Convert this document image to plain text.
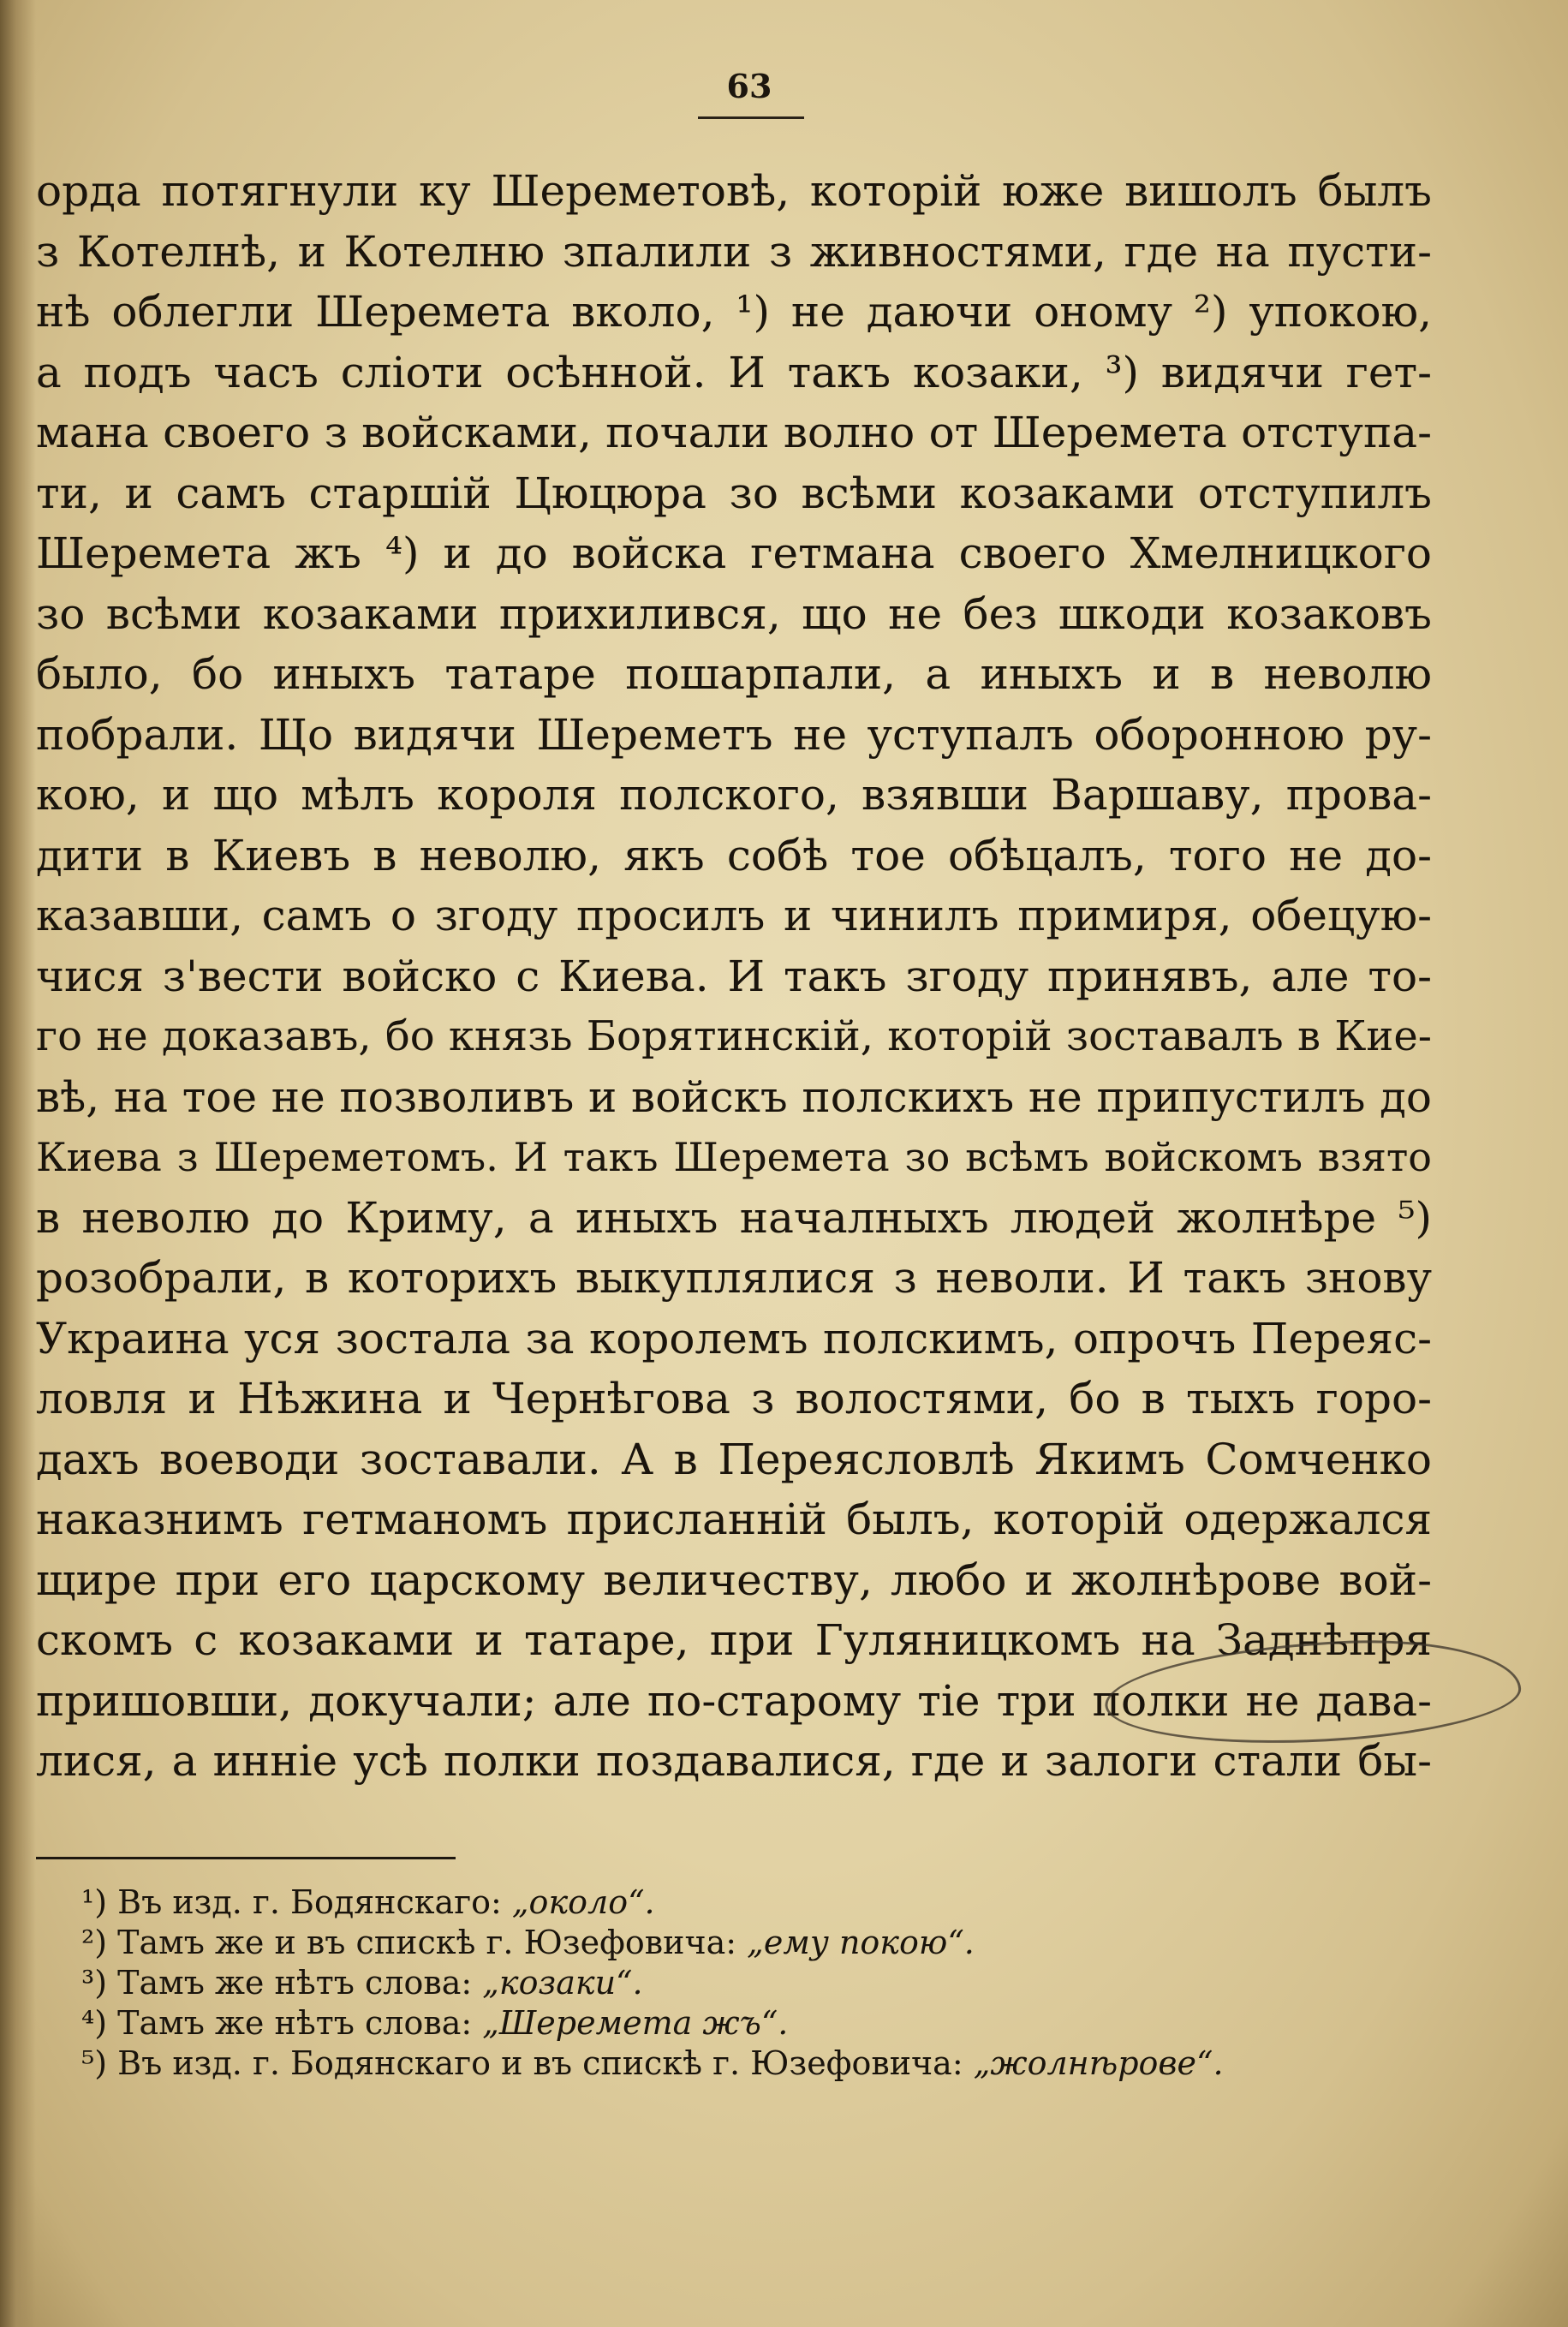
63
орда потягнули ку Шереметовѣ, которій юже вишолъ былъ
з Котелнѣ, и Котелню зпалили з живностями, где на пусти-
нѣ облегли Шеремета вколо, ¹) не даючи оному ²) упокою,
а подъ часъ сліоти осѣнной. И такъ козаки, ³) видячи гет-
мана своего з войсками, почали волно от Шеремета отступа-
ти, и самъ старшій Цюцюра зо всѣми козаками отступилъ
Шеремета жъ ⁴) и до войска гетмана своего Хмелницкого
зо всѣми козаками прихилився, що не без шкоди козаковъ
было, бо иныхъ татаре пошарпали, а иныхъ и в неволю
побрали. Що видячи Шереметъ не уступалъ оборонною ру-
кою, и що мѣлъ короля полского, взявши Варшаву, прова-
дити в Киевъ в неволю, якъ собѣ тое обѣцалъ, того не до-
казавши, самъ о згоду просилъ и чинилъ примиря, обецую-
чися з'вести войско с Киева. И такъ згоду принявъ, але то-
го не доказавъ, бо князь Борятинскій, которій зоставалъ в Кие-
вѣ, на тое не позволивъ и войскъ полскихъ не припустилъ до
Киева з Шереметомъ. И такъ Шеремета зо всѣмъ войскомъ взято
в неволю до Криму, а иныхъ началныхъ людей жолнѣре ⁵)
розобрали, в которихъ выкуплялися з неволи. И такъ знову
Украина уся зостала за королемъ полскимъ, опрочъ Переяс-
ловля и Нѣжина и Чернѣгова з волостями, бо в тыхъ горо-
дахъ воеводи зоставали. А в Переясловлѣ Якимъ Сомченко
наказнимъ гетманомъ присланній былъ, которій одержался
щире при его царскому величеству, любо и жолнѣрове вой-
скомъ с козаками и татаре, при Гуляницкомъ на Заднѣпря
пришовши, докучали; але по-старому тіе три полки не дава-
лися, а инніе усѣ полки поздавалися, где и залоги стали бы-
¹) Въ изд. г. Бодянскаго: „около“.
²) Тамъ же и въ спискѣ г. Юзефовича: „ему покою“.
³) Тамъ же нѣтъ слова: „козаки“.
⁴) Тамъ же нѣтъ слова: „Шеремета жъ“.
⁵) Въ изд. г. Бодянскаго и въ спискѣ г. Юзефовича: „жолнѣрове“.
